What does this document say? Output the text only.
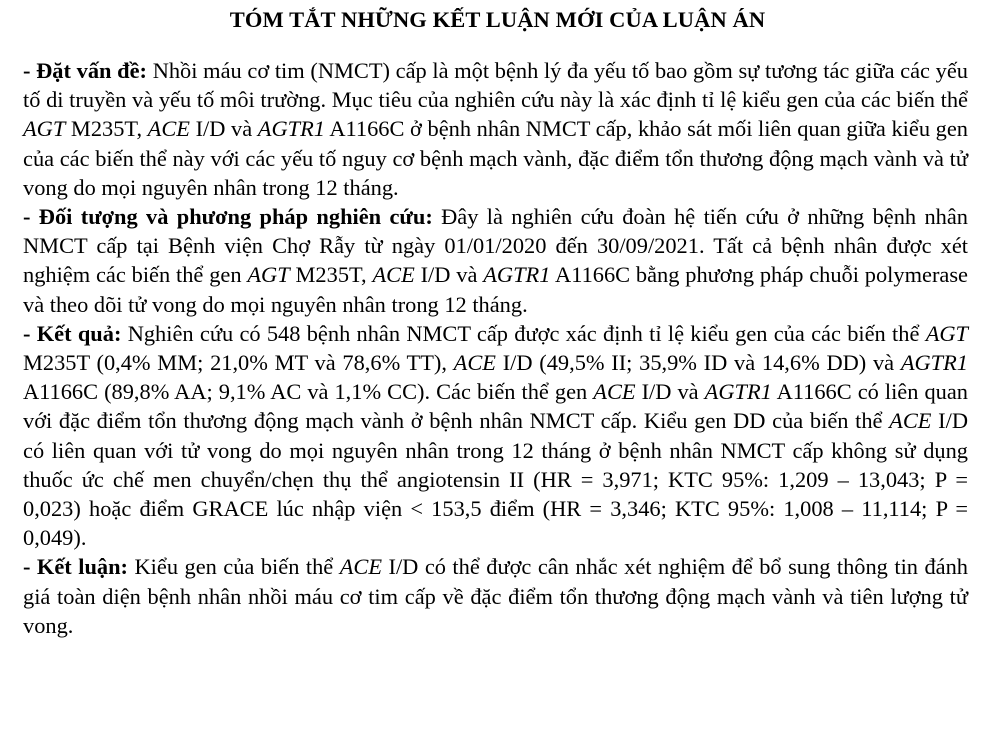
TÓM TẮT NHỮNG KẾT LUẬN MỚI CỦA LUẬN ÁN

- Đặt vấn đề: Nhồi máu cơ tim (NMCT) cấp là một bệnh lý đa yếu tố bao gồm sự tương tác giữa các yếu tố di truyền và yếu tố môi trường. Mục tiêu của nghiên cứu này là xác định tỉ lệ kiểu gen của các biến thể AGT M235T, ACE I/D và AGTR1 A1166C ở bệnh nhân NMCT cấp, khảo sát mối liên quan giữa kiểu gen của các biến thể này với các yếu tố nguy cơ bệnh mạch vành, đặc điểm tổn thương động mạch vành và tử vong do mọi nguyên nhân trong 12 tháng.

- Đối tượng và phương pháp nghiên cứu: Đây là nghiên cứu đoàn hệ tiến cứu ở những bệnh nhân NMCT cấp tại Bệnh viện Chợ Rẫy từ ngày 01/01/2020 đến 30/09/2021. Tất cả bệnh nhân được xét nghiệm các biến thể gen AGT M235T, ACE I/D và AGTR1 A1166C bằng phương pháp chuỗi polymerase và theo dõi tử vong do mọi nguyên nhân trong 12 tháng.

- Kết quả: Nghiên cứu có 548 bệnh nhân NMCT cấp được xác định tỉ lệ kiểu gen của các biến thể AGT M235T (0,4% MM; 21,0% MT và 78,6% TT), ACE I/D (49,5% II; 35,9% ID và 14,6% DD) và AGTR1 A1166C (89,8% AA; 9,1% AC và 1,1% CC). Các biến thể gen ACE I/D và AGTR1 A1166C có liên quan với đặc điểm tổn thương động mạch vành ở bệnh nhân NMCT cấp. Kiểu gen DD của biến thể ACE I/D có liên quan với tử vong do mọi nguyên nhân trong 12 tháng ở bệnh nhân NMCT cấp không sử dụng thuốc ức chế men chuyển/chẹn thụ thể angiotensin II (HR = 3,971; KTC 95%: 1,209 – 13,043; P = 0,023) hoặc điểm GRACE lúc nhập viện < 153,5 điểm (HR = 3,346; KTC 95%: 1,008 – 11,114; P = 0,049).

- Kết luận: Kiểu gen của biến thể ACE I/D có thể được cân nhắc xét nghiệm để bổ sung thông tin đánh giá toàn diện bệnh nhân nhồi máu cơ tim cấp về đặc điểm tổn thương động mạch vành và tiên lượng tử vong.
